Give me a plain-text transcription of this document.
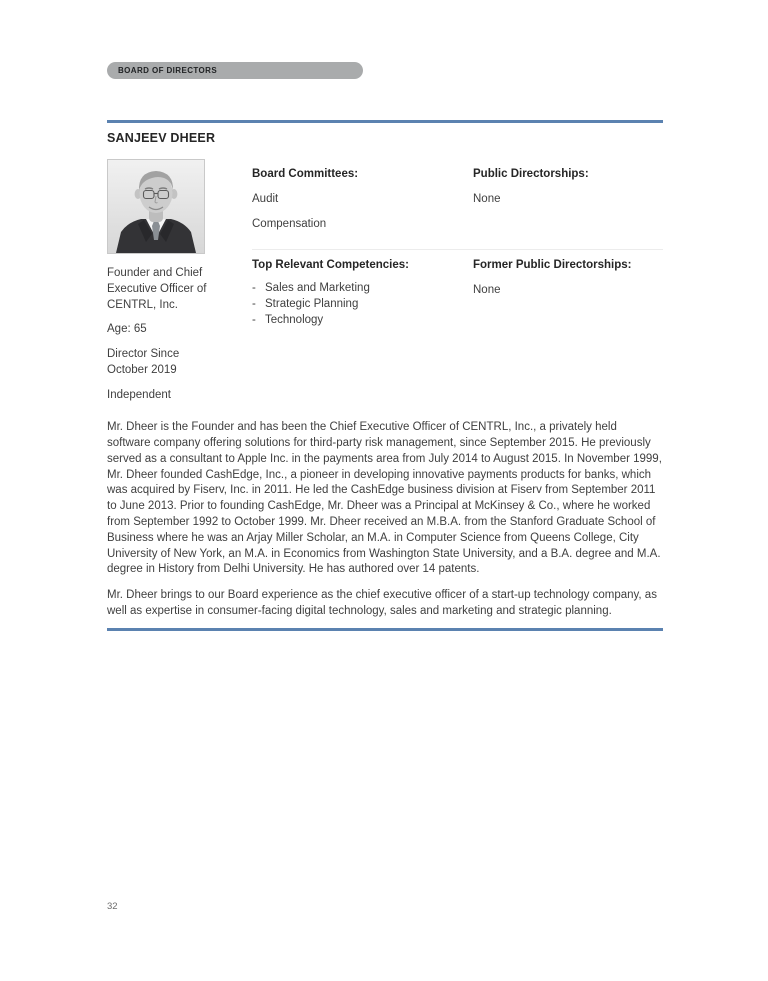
BOARD OF DIRECTORS
SANJEEV DHEER
Founder and Chief Executive Officer of CENTRL, Inc.
Age: 65
Director Since October 2019
Independent
Board Committees:
Audit
Compensation
Public Directorships:
None
Top Relevant Competencies:
- Sales and Marketing
- Strategic Planning
- Technology
Former Public Directorships:
None

Mr. Dheer is the Founder and has been the Chief Executive Officer of CENTRL, Inc., a privately held software company offering solutions for third-party risk management, since September 2015. He previously served as a consultant to Apple Inc. in the payments area from July 2014 to August 2015. In November 1999, Mr. Dheer founded CashEdge, Inc., a pioneer in developing innovative payments products for banks, which was acquired by Fiserv, Inc. in 2011. He led the CashEdge business division at Fiserv from September 2011 to June 2013. Prior to founding CashEdge, Mr. Dheer was a Principal at McKinsey & Co., where he worked from September 1992 to October 1999. Mr. Dheer received an M.B.A. from the Stanford Graduate School of Business where he was an Arjay Miller Scholar, an M.A. in Computer Science from Queens College, City University of New York, an M.A. in Economics from Washington State University, and a B.A. degree and M.A. degree in History from Delhi University. He has authored over 14 patents.

Mr. Dheer brings to our Board experience as the chief executive officer of a start-up technology company, as well as expertise in consumer-facing digital technology, sales and marketing and strategic planning.

32
